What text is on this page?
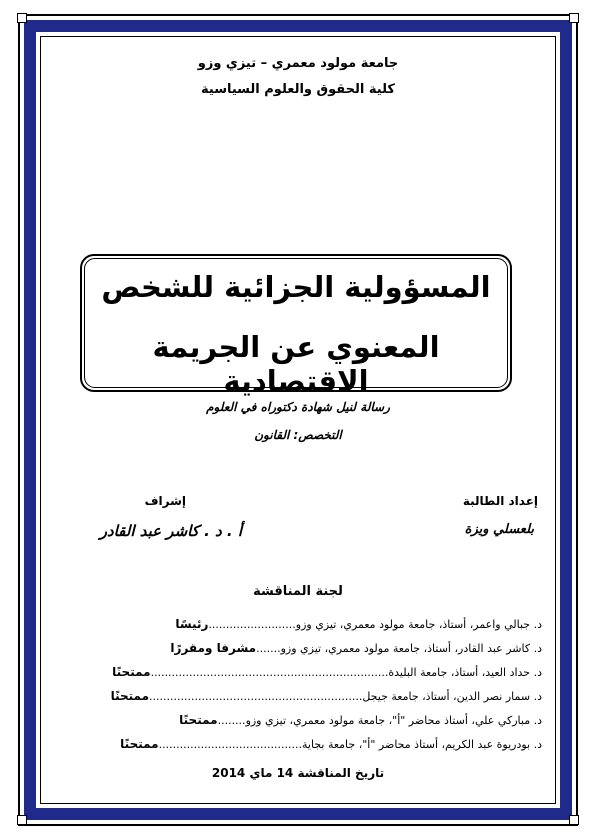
جامعة مولود معمري – تيزي وزو
كلية الحقوق والعلوم السياسية
المسؤولية الجزائية للشخص
المعنوي عن الجريمة الاقتصادية
رسالة لنيل شهادة دكتوراه في العلوم
التخصص: القانون
إعداد الطالبة
بلعسلي ويزة
إشراف
أ . د . كاشر عبد القادر
لجنة المناقشة
د. جبالي واعمر، أستاذ، جامعة مولود معمري، تيزي وزو.........................رئيسًا
د. كاشر عبد القادر، أستاذ، جامعة مولود معمري، تيزي وزو.......مشرفا ومقررًا
د. حداد العيد، أستاذ، جامعة البليدة....................................................................ممتحنًا
د. سمار نصر الدين، أستاذ، جامعة جيجل.............................................................ممتحنًا
د. مباركي علي، أستاذ محاضر "أ"، جامعة مولود معمري، تيزي وزو........ممتحنًا
د. بودريوة عبد الكريم، أستاذ محاضر "أ"، جامعة بجاية.........................................ممتحنًا
تاريخ المناقشة 14 ماي 2014
